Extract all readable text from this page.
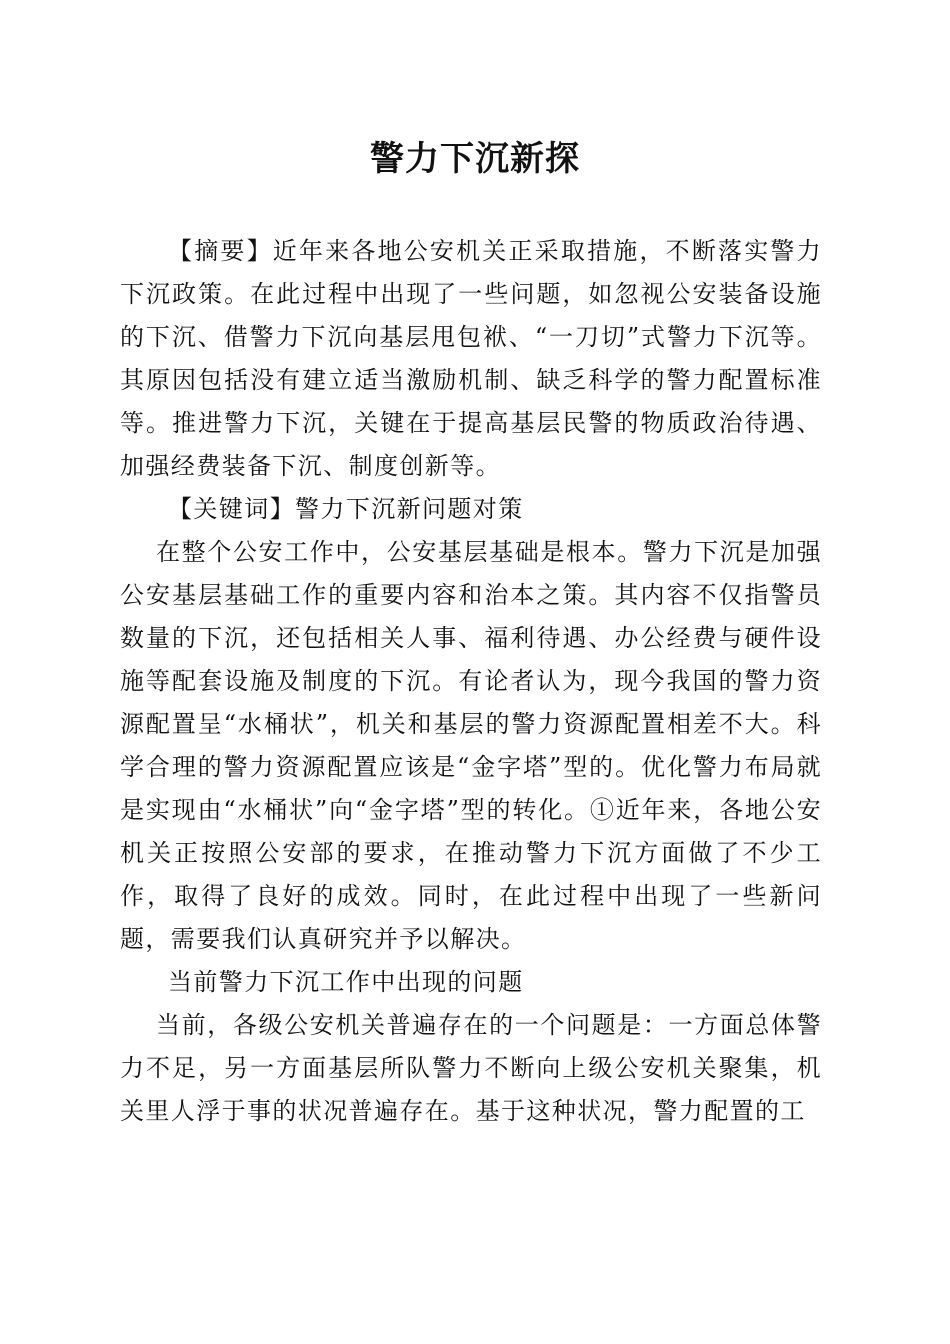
警力下沉新探

【摘要】近年来各地公安机关正采取措施，不断落实警力下沉政策。在此过程中出现了一些问题，如忽视公安装备设施的下沉、借警力下沉向基层甩包袱、“一刀切”式警力下沉等。其原因包括没有建立适当激励机制、缺乏科学的警力配置标准等。推进警力下沉，关键在于提高基层民警的物质政治待遇、加强经费装备下沉、制度创新等。

【关键词】警力下沉新问题对策

在整个公安工作中，公安基层基础是根本。警力下沉是加强公安基层基础工作的重要内容和治本之策。其内容不仅指警员数量的下沉，还包括相关人事、福利待遇、办公经费与硬件设施等配套设施及制度的下沉。有论者认为，现今我国的警力资源配置呈“水桶状”，机关和基层的警力资源配置相差不大。科学合理的警力资源配置应该是“金字塔”型的。优化警力布局就是实现由“水桶状”向“金字塔”型的转化。①近年来，各地公安机关正按照公安部的要求，在推动警力下沉方面做了不少工作，取得了良好的成效。同时，在此过程中出现了一些新问题，需要我们认真研究并予以解决。

当前警力下沉工作中出现的问题

当前，各级公安机关普遍存在的一个问题是：一方面总体警力不足，另一方面基层所队警力不断向上级公安机关聚集，机关里人浮于事的状况普遍存在。基于这种状况，警力配置的工
